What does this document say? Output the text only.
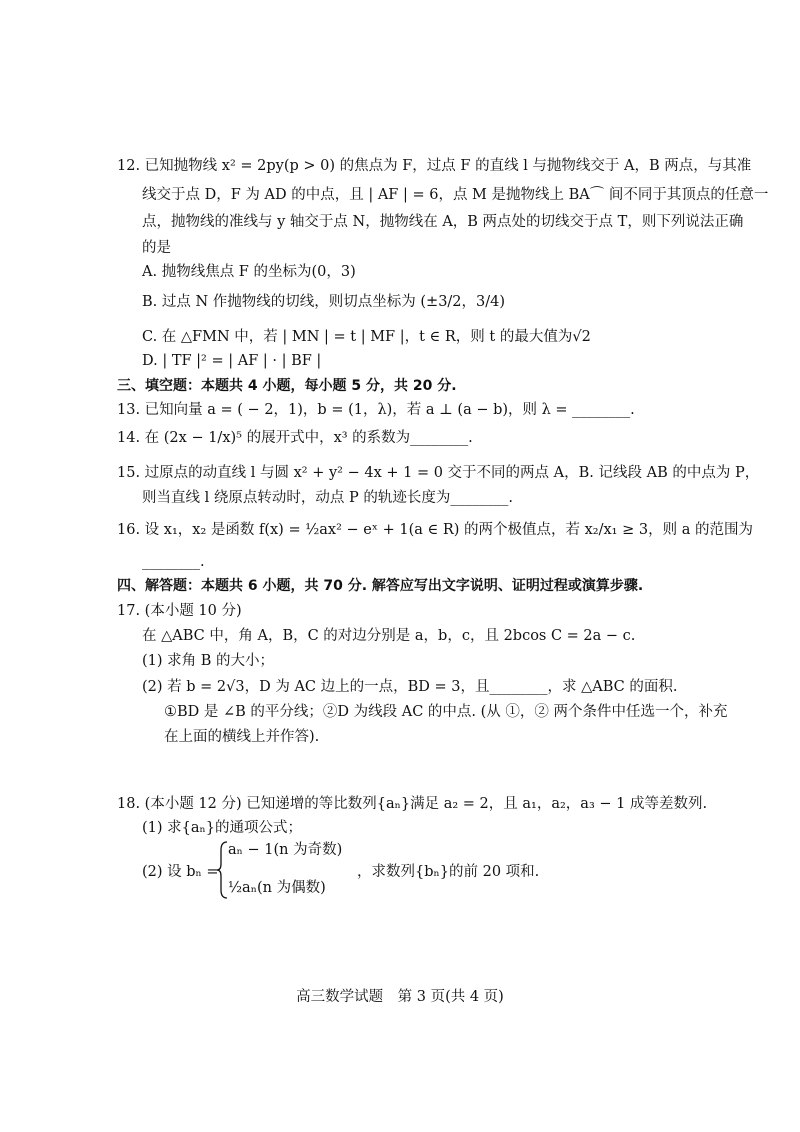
12. 已知抛物线 x² = 2py(p > 0) 的焦点为 F，过点 F 的直线 l 与抛物线交于 A，B 两点，与其准
线交于点 D，F 为 AD 的中点，且 | AF | = 6，点 M 是抛物线上 BA⌒ 间不同于其顶点的任意一
点，抛物线的准线与 y 轴交于点 N，抛物线在 A，B 两点处的切线交于点 T，则下列说法正确
的是
A. 抛物线焦点 F 的坐标为(0，3)
B. 过点 N 作抛物线的切线，则切点坐标为 (±3/2，3/4)
C. 在 △FMN 中，若 | MN | = t | MF |，t ∈ R，则 t 的最大值为√2
D. | TF |² = | AF | · | BF |
三、填空题：本题共 4 小题，每小题 5 分，共 20 分.
13. 已知向量 a = ( − 2，1)，b = (1，λ)，若 a ⊥ (a − b)，则 λ = ________.
14. 在 (2x − 1/x)⁵ 的展开式中，x³ 的系数为________.
15. 过原点的动直线 l 与圆 x² + y² − 4x + 1 = 0 交于不同的两点 A，B. 记线段 AB 的中点为 P，
则当直线 l 绕原点转动时，动点 P 的轨迹长度为________.
16. 设 x₁，x₂ 是函数 f(x) = ½ax² − eˣ + 1(a ∈ R) 的两个极值点，若 x₂/x₁ ≥ 3，则 a 的范围为
________.
四、解答题：本题共 6 小题，共 70 分. 解答应写出文字说明、证明过程或演算步骤.
17. (本小题 10 分)
在 △ABC 中，角 A，B，C 的对边分别是 a，b，c，且 2bcos C = 2a − c.
(1) 求角 B 的大小；
(2) 若 b = 2√3，D 为 AC 边上的一点，BD = 3，且________，求 △ABC 的面积.
①BD 是 ∠B 的平分线；②D 为线段 AC 的中点. (从 ①，② 两个条件中任选一个，补充
在上面的横线上并作答).
18. (本小题 12 分) 已知递增的等比数列{aₙ}满足 a₂ = 2，且 a₁，a₂，a₃ − 1 成等差数列.
(1) 求{aₙ}的通项公式；
(2) 设 bₙ =
aₙ − 1(n 为奇数)
½aₙ(n 为偶数)
，求数列{bₙ}的前 20 项和.
高三数学试题　第 3 页(共 4 页)
